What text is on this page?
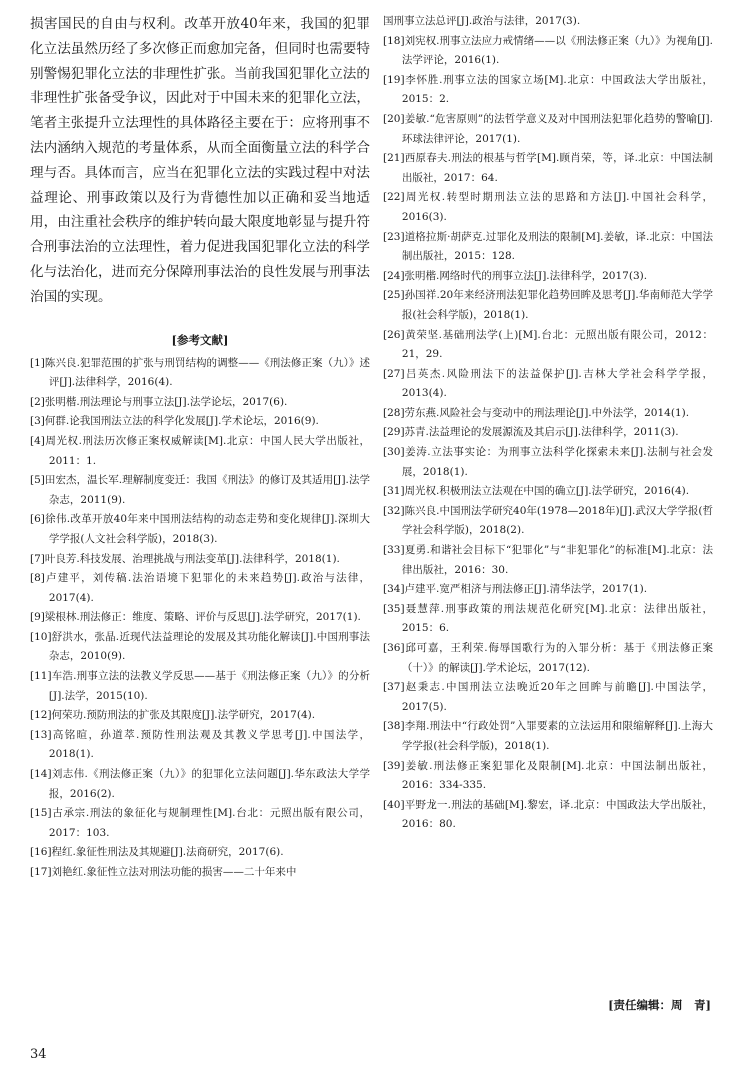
损害国民的自由与权利。改革开放40年来，我国的犯罪化立法虽然历经了多次修正而愈加完备，但同时也需要特别警惕犯罪化立法的非理性扩张。当前我国犯罪化立法的非理性扩张备受争议，因此对于中国未来的犯罪化立法，笔者主张提升立法理性的具体路径主要在于：应将刑事不法内涵纳入规范的考量体系，从而全面衡量立法的科学合理与否。具体而言，应当在犯罪化立法的实践过程中对法益理论、刑事政策以及行为背德性加以正确和妥当地适用，由注重社会秩序的维护转向最大限度地彰显与提升符合刑事法治的立法理性，着力促进我国犯罪化立法的科学化与法治化，进而充分保障刑事法治的良性发展与刑事法治国的实现。

[参考文献]
[1]陈兴良.犯罪范围的扩张与刑罚结构的调整——《刑法修正案（九）》述评[J].法律科学，2016(4).
[2]张明楷.刑法理论与刑事立法[J].法学论坛，2017(6).
[3]何群.论我国刑法立法的科学化发展[J].学术论坛，2016(9).
[4]周光权.刑法历次修正案权威解读[M].北京：中国人民大学出版社，2011：1.
[5]田宏杰，温长军.理解制度变迁：我国《刑法》的修订及其适用[J].法学杂志，2011(9).
[6]徐伟.改革开放40年来中国刑法结构的动态走势和变化规律[J].深圳大学学报(人文社会科学版)，2018(3).
[7]叶良芳.科技发展、治理挑战与刑法变革[J].法律科学，2018(1).
[8]卢建平，刘传稿.法治语境下犯罪化的未来趋势[J].政治与法律，2017(4).
[9]梁根林.刑法修正：维度、策略、评价与反思[J].法学研究，2017(1).
[10]舒洪水，张晶.近现代法益理论的发展及其功能化解读[J].中国刑事法杂志，2010(9).
[11]车浩.刑事立法的法教义学反思——基于《刑法修正案（九）》的分析[J].法学，2015(10).
[12]何荣功.预防刑法的扩张及其限度[J].法学研究，2017(4).
[13]高铭暄，孙道萃.预防性刑法观及其教义学思考[J].中国法学，2018(1).
[14]刘志伟.《刑法修正案（九）》的犯罪化立法问题[J].华东政法大学学报，2016(2).
[15]古承宗.刑法的象征化与规制理性[M].台北：元照出版有限公司，2017：103.
[16]程红.象征性刑法及其规避[J].法商研究，2017(6).
[17]刘艳红.象征性立法对刑法功能的损害——二十年来中
国刑事立法总评[J].政治与法律，2017(3).
[18]刘宪权.刑事立法应力戒情绪——以《刑法修正案（九）》为视角[J].法学评论，2016(1).
[19]李怀胜.刑事立法的国家立场[M].北京：中国政法大学出版社，2015：2.
[20]姜敏.“危害原则”的法哲学意义及对中国刑法犯罪化趋势的警喻[J].环球法律评论，2017(1).
[21]西原春夫.刑法的根基与哲学[M].顾肖荣，等，译.北京：中国法制出版社，2017：64.
[22]周光权.转型时期刑法立法的思路和方法[J].中国社会科学，2016(3).
[23]道格拉斯·胡萨克.过罪化及刑法的限制[M].姜敏，译.北京：中国法制出版社，2015：128.
[24]张明楷.网络时代的刑事立法[J].法律科学，2017(3).
[25]孙国祥.20年来经济刑法犯罪化趋势回眸及思考[J].华南师范大学学报(社会科学版)，2018(1).
[26]黄荣坚.基础刑法学(上)[M].台北：元照出版有限公司，2012：21，29.
[27]吕英杰.风险刑法下的法益保护[J].吉林大学社会科学学报，2013(4).
[28]劳东燕.风险社会与变动中的刑法理论[J].中外法学，2014(1).
[29]苏青.法益理论的发展源流及其启示[J].法律科学，2011(3).
[30]姜涛.立法事实论：为刑事立法科学化探索未来[J].法制与社会发展，2018(1).
[31]周光权.积极刑法立法观在中国的确立[J].法学研究，2016(4).
[32]陈兴良.中国刑法学研究40年(1978—2018年)[J].武汉大学学报(哲学社会科学版)，2018(2).
[33]夏勇.和谐社会目标下“犯罪化”与“非犯罪化”的标准[M].北京：法律出版社，2016：30.
[34]卢建平.宽严相济与刑法修正[J].清华法学，2017(1).
[35]聂慧萍.刑事政策的刑法规范化研究[M].北京：法律出版社，2015：6.
[36]邱可嘉，王利荣.侮辱国歌行为的入罪分析：基于《刑法修正案（十）》的解读[J].学术论坛，2017(12).
[37]赵秉志.中国刑法立法晚近20年之回眸与前瞻[J].中国法学，2017(5).
[38]李翔.刑法中“行政处罚”入罪要素的立法运用和限缩解释[J].上海大学学报(社会科学版)，2018(1).
[39]姜敏.刑法修正案犯罪化及限制[M].北京：中国法制出版社，2016：334-335.
[40]平野龙一.刑法的基础[M].黎宏，译.北京：中国政法大学出版社，2016：80.
[责任编辑：周　青]
34
